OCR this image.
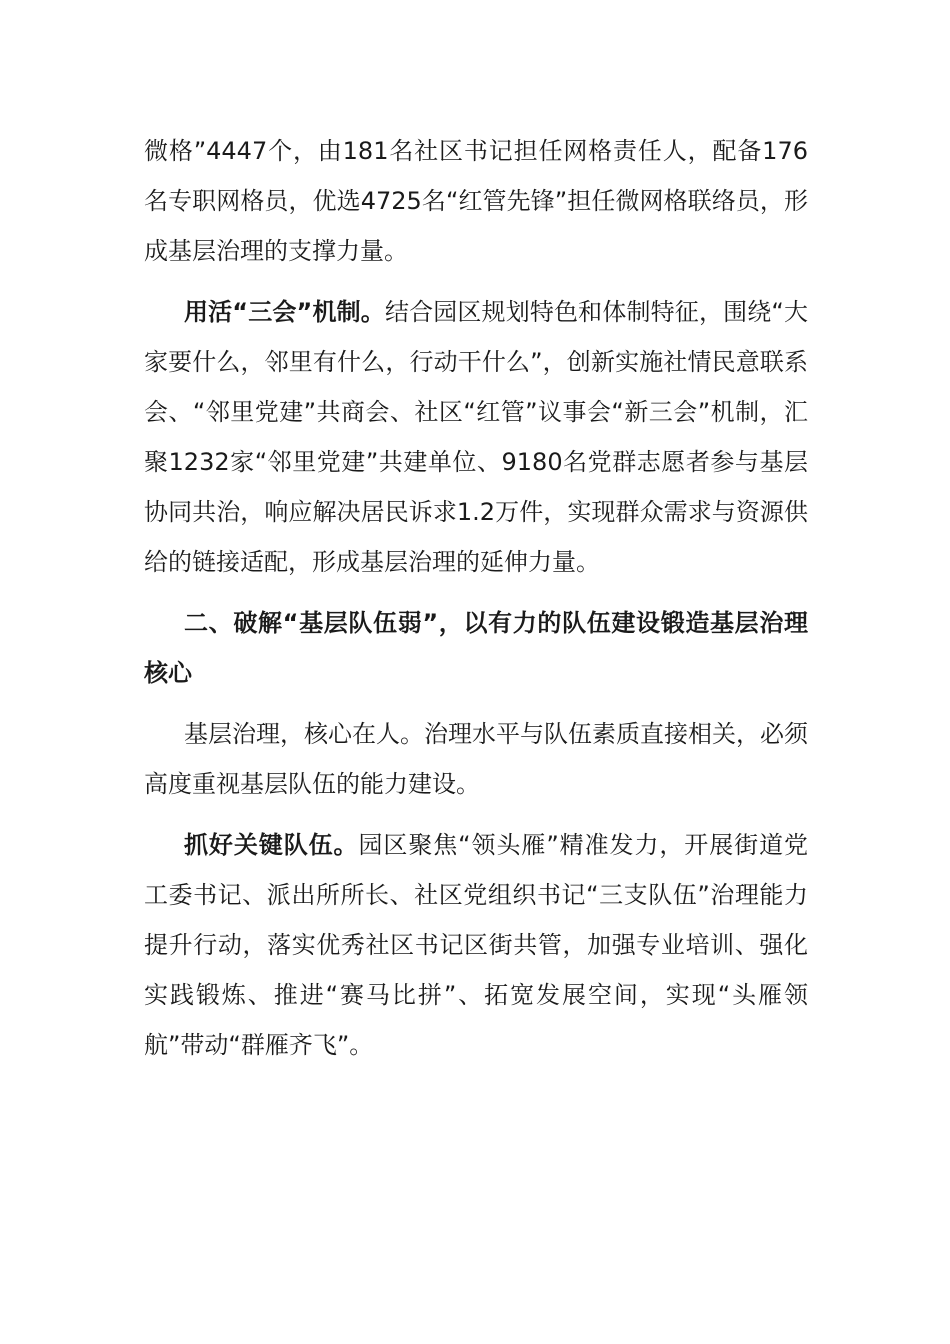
微格”4447个，由181名社区书记担任网格责任人，配备176名专职网格员，优选4725名“红管先锋”担任微网格联络员，形成基层治理的支撑力量。

用活“三会”机制。结合园区规划特色和体制特征，围绕“大家要什么，邻里有什么，行动干什么”，创新实施社情民意联系会、“邻里党建”共商会、社区“红管”议事会“新三会”机制，汇聚1232家“邻里党建”共建单位、9180名党群志愿者参与基层协同共治，响应解决居民诉求1.2万件，实现群众需求与资源供给的链接适配，形成基层治理的延伸力量。

二、破解“基层队伍弱”，以有力的队伍建设锻造基层治理核心

基层治理，核心在人。治理水平与队伍素质直接相关，必须高度重视基层队伍的能力建设。

抓好关键队伍。园区聚焦“领头雁”精准发力，开展街道党工委书记、派出所所长、社区党组织书记“三支队伍”治理能力提升行动，落实优秀社区书记区街共管，加强专业培训、强化实践锻炼、推进“赛马比拼”、拓宽发展空间，实现“头雁领航”带动“群雁齐飞”。
